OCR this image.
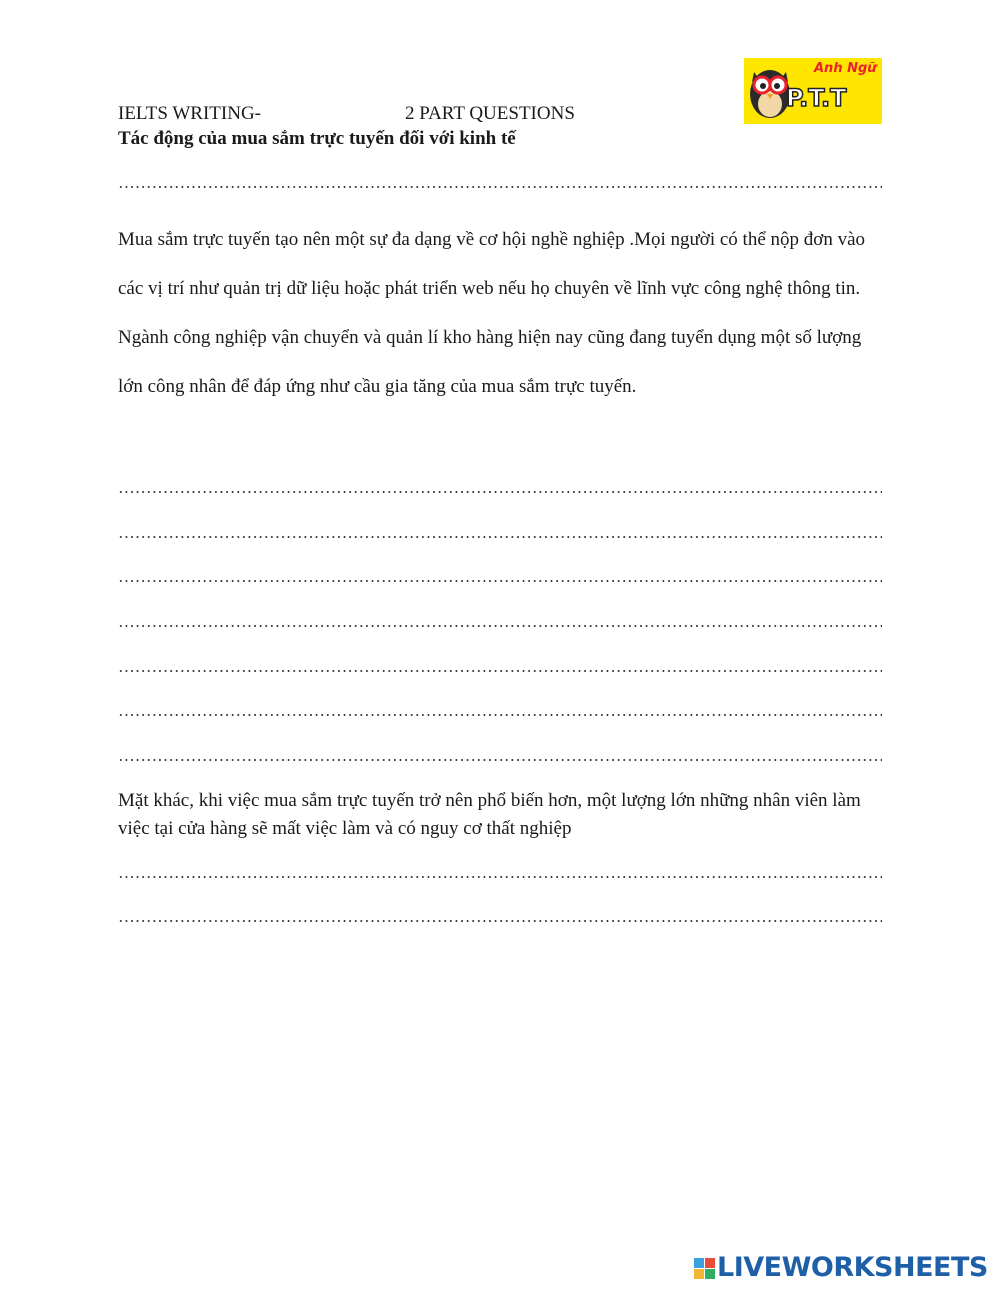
Anh Ngữ
P.T.T
IELTS WRITING-	2 PART QUESTIONS
Tác động của mua sắm trực tuyến đối với kinh tế
Mua sắm trực tuyến tạo nên một sự đa dạng về cơ hội nghề nghiệp .Mọi người có thể nộp đơn vào các vị trí như quản trị dữ liệu hoặc phát triển web nếu họ chuyên về lĩnh vực công nghệ thông tin. Ngành công nghiệp vận chuyển và quản lí kho hàng hiện nay cũng đang tuyển dụng một số lượng lớn công nhân để đáp ứng như cầu gia tăng của mua sắm trực tuyến.
Mặt khác, khi việc mua sắm trực tuyến trở nên phổ biến hơn, một lượng lớn những nhân viên làm việc tại cửa hàng sẽ mất việc làm và có nguy cơ thất nghiệp
LIVEWORKSHEETS
